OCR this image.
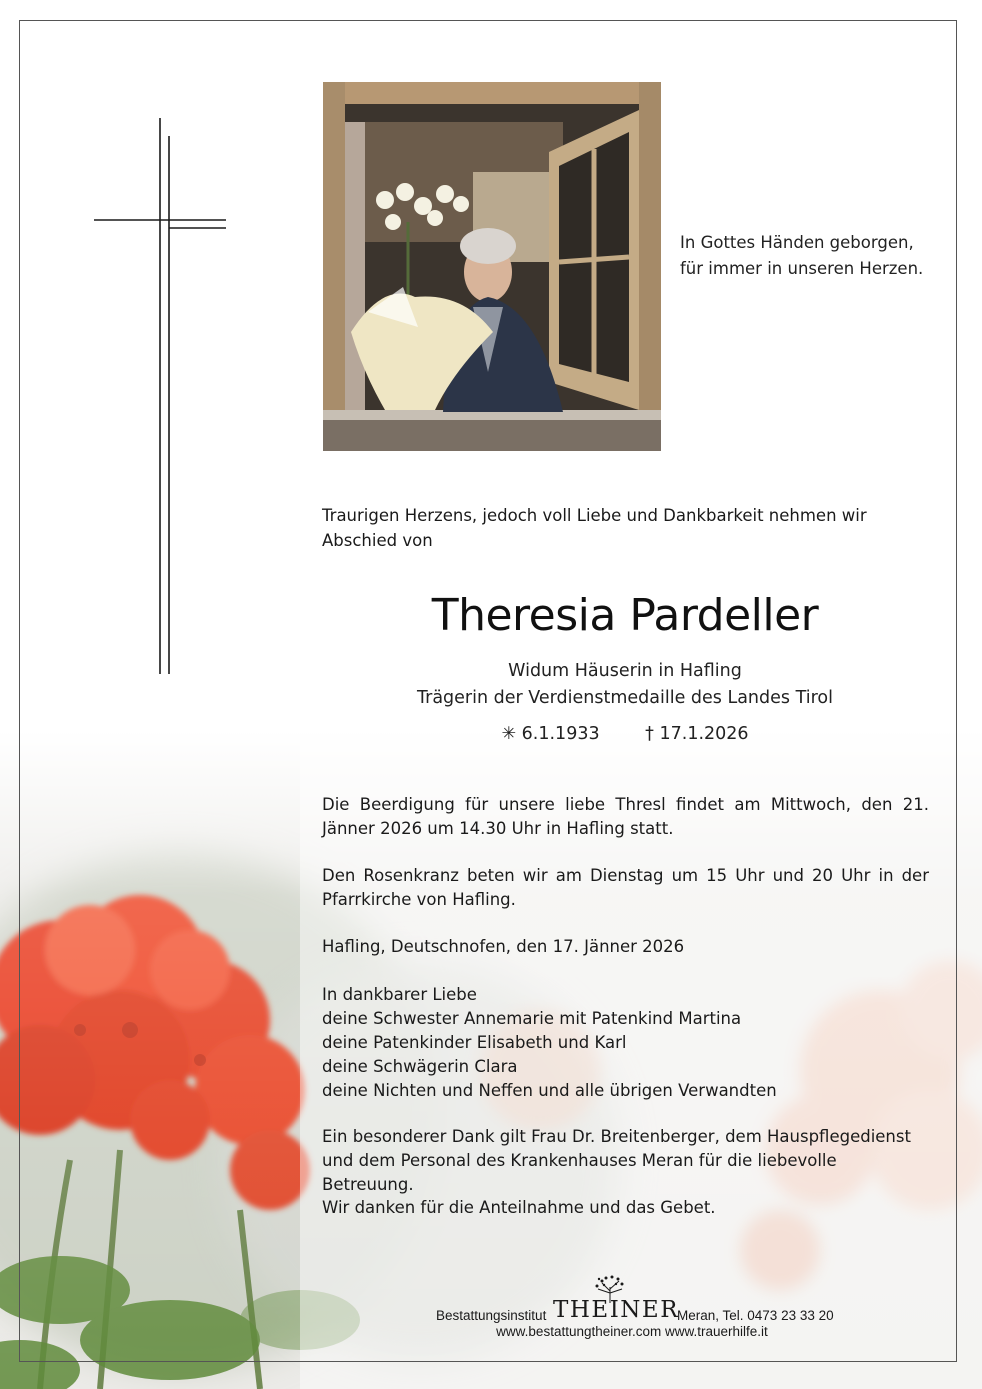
In Gottes Händen geborgen,
für immer in unseren Herzen.
Traurigen Herzens, jedoch voll Liebe und Dankbarkeit nehmen wir Abschied von
Theresia Pardeller
Widum Häuserin in Hafling
Trägerin der Verdienstmedaille des Landes Tirol
✳ 6.1.1933	† 17.1.2026
Die Beerdigung für unsere liebe Thresl findet am Mittwoch, den 21. Jänner 2026 um 14.30 Uhr in Hafling statt.
Den Rosenkranz beten wir am Dienstag um 15 Uhr und 20 Uhr in der Pfarrkirche von Hafling.
Hafling, Deutschnofen, den 17. Jänner 2026
In dankbarer Liebe
deine Schwester Annemarie mit Patenkind Martina
deine Patenkinder Elisabeth und Karl
deine Schwägerin Clara
deine Nichten und Neffen und alle übrigen Verwandten
Ein besonderer Dank gilt Frau Dr. Breitenberger, dem Hauspflegedienst und dem Personal des Krankenhauses Meran für die liebevolle Betreuung.
Wir danken für die Anteilnahme und das Gebet.
Bestattungsinstitut THEINER
Meran, Tel. 0473 23 33 20
www.bestattungtheiner.com www.trauerhilfe.it
